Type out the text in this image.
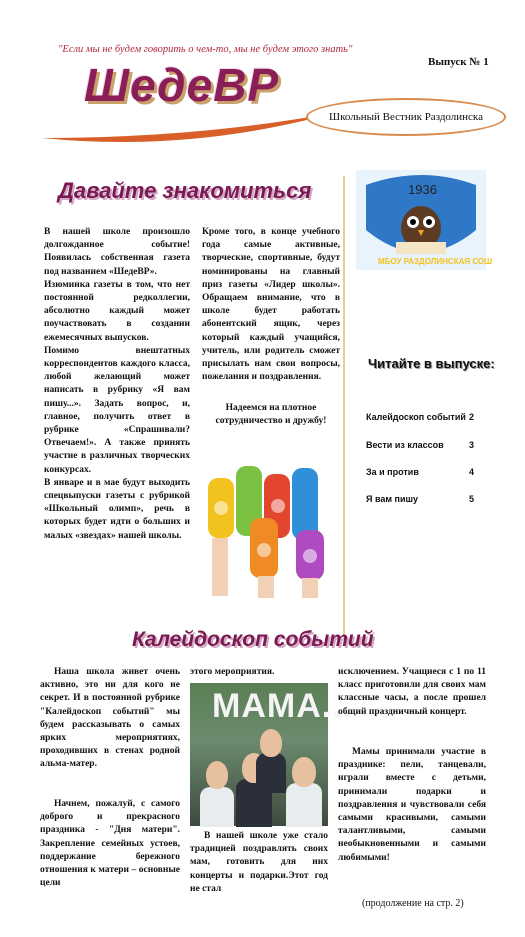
"Если мы не будем говорить о чем-то, мы не будем этого знать"
Выпуск № 1
ШедеВР
Школьный Вестник Раздолинска
Давайте знакомиться
В нашей школе произошло долгожданное событие! Появилась собственная газета под названием «ШедеВР».
Изюминка газеты в том, что нет постоянной редколлегии, абсолютно каждый может поучаствовать в создании ежемесячных выпусков.
Помимо внештатных корреспондентов каждого класса, любой желающий может написать в рубрику «Я вам пишу...». Задать вопрос, и, главное, получить ответ в рубрике «Спрашивали? Отвечаем!». А также принять участие в различных творческих конкурсах.
В январе и в мае будут выходить спецвыпуски газеты с рубрикой «Школьный олимп», речь в которых будет идти о больших и малых «звездах» нашей школы.
Кроме того, в конце учебного года самые активные, творческие, спортивные, будут номинированы на главный приз газеты «Лидер школы». Обращаем внимание, что в школе будет работать абонентский ящик, через который каждый учащийся, учитель, или родитель сможет присылать нам свои вопросы, пожелания и поздравления.
Надеемся на плотное сотрудничество и дружбу!
1936
МБОУ РАЗДОЛИНСКАЯ СОШ
Читайте в выпуске:
Калейдоскоп событий 2
Вести из классов	3
За и против	4
Я вам пишу	5
Калейдоскоп событий
Наша школа живет очень активно, это ни для кого не секрет. И в постоянной рубрике "Калейдоскоп событий" мы будем рассказывать о самых ярких мероприятиях, проходивших в стенах родной альма-матер.
Начнем, пожалуй, с самого доброго и прекрасного праздника - "Дня матери". Закрепление семейных устоев, поддержание бережного отношения к матери – основные цели
этого мероприятия.
МАМА...
В нашей школе уже стало традицией поздравлять своих мам, готовить для них концерты и подарки.Этот год не стал
исключением. Учащиеся с 1 по 11 класс приготовили для своих мам классные часы, а после прошел общий праздничный концерт.
Мамы принимали участие в празднике: пели, танцевали, играли вместе с детьми, принимали подарки и поздравления и чувствовали себя самыми красивыми, самыми талантливыми, самыми необыкновенными и самыми любимыми!
(продолжение на стр. 2)
